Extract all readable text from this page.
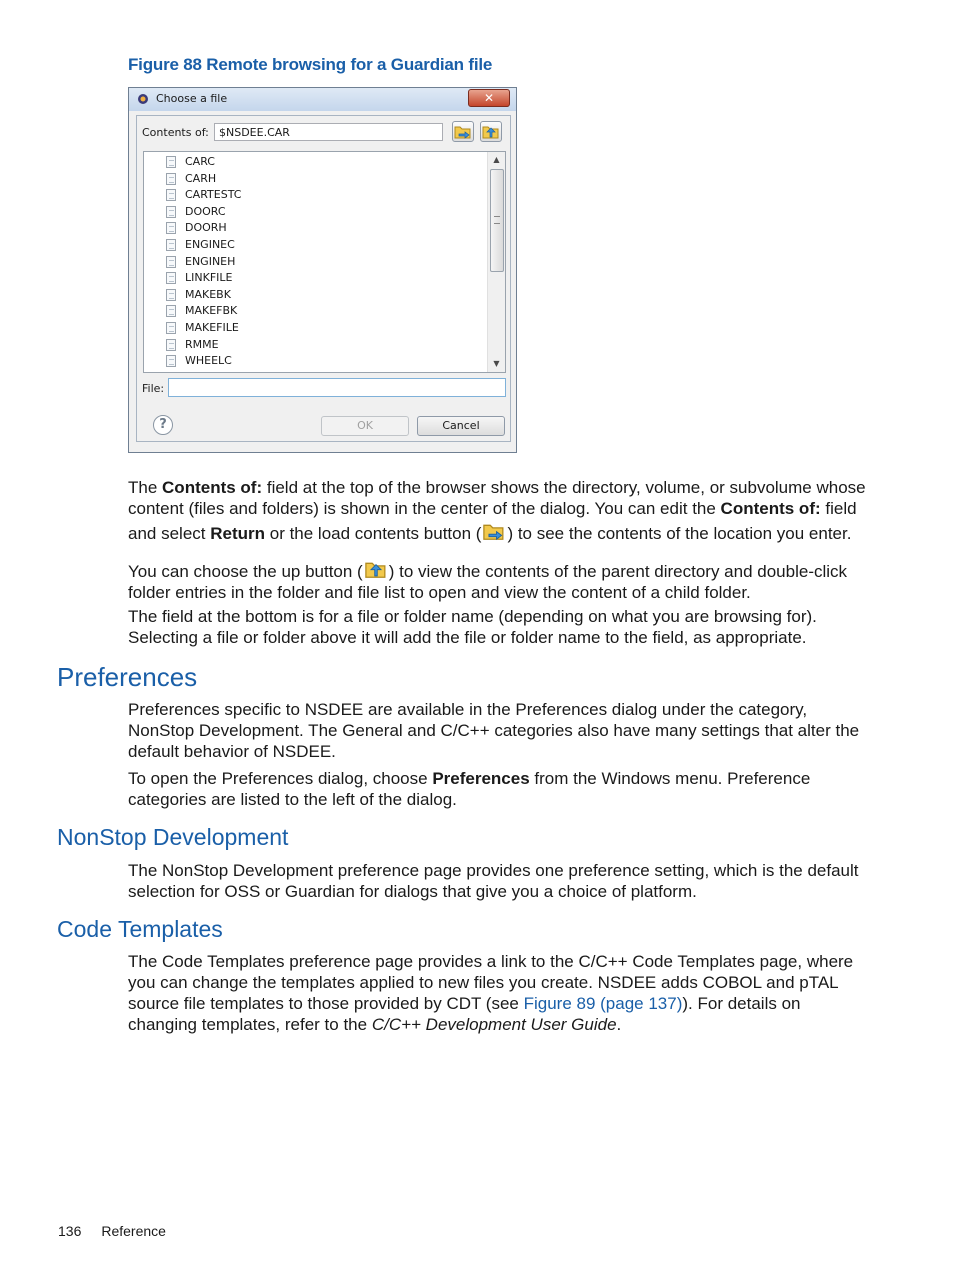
Figure 88 Remote browsing for a Guardian file
Choose a file	✕
Contents of:
$NSDEE.CAR
WHEELC
RMME
MAKEFILE
MAKEFBK
MAKEBK
LINKFILE
ENGINEH
ENGINEC
DOORH
DOORC
CARTESTC
CARH
CARC	▲
▼
File:
?	OK	Cancel
The Contents of: field at the top of the browser shows the directory, volume, or subvolume whose content (files and folders) is shown in the center of the dialog. You can edit the Contents of: field and select Return or the load contents button ( ) to see the contents of the location you enter.
You can choose the up button ( ) to view the contents of the parent directory and double-click folder entries in the folder and file list to open and view the content of a child folder.
The field at the bottom is for a file or folder name (depending on what you are browsing for). Selecting a file or folder above it will add the file or folder name to the field, as appropriate.
Preferences
Preferences specific to NSDEE are available in the Preferences dialog under the category, NonStop Development. The General and C/C++ categories also have many settings that alter the default behavior of NSDEE.
To open the Preferences dialog, choose Preferences from the Windows menu. Preference categories are listed to the left of the dialog.
NonStop Development
The NonStop Development preference page provides one preference setting, which is the default selection for OSS or Guardian for dialogs that give you a choice of platform.
Code Templates
The Code Templates preference page provides a link to the C/C++ Code Templates page, where you can change the templates applied to new files you create. NSDEE adds COBOL and pTAL source file templates to those provided by CDT (see Figure 89 (page 137)). For details on changing templates, refer to the C/C++ Development User Guide.
136 Reference
